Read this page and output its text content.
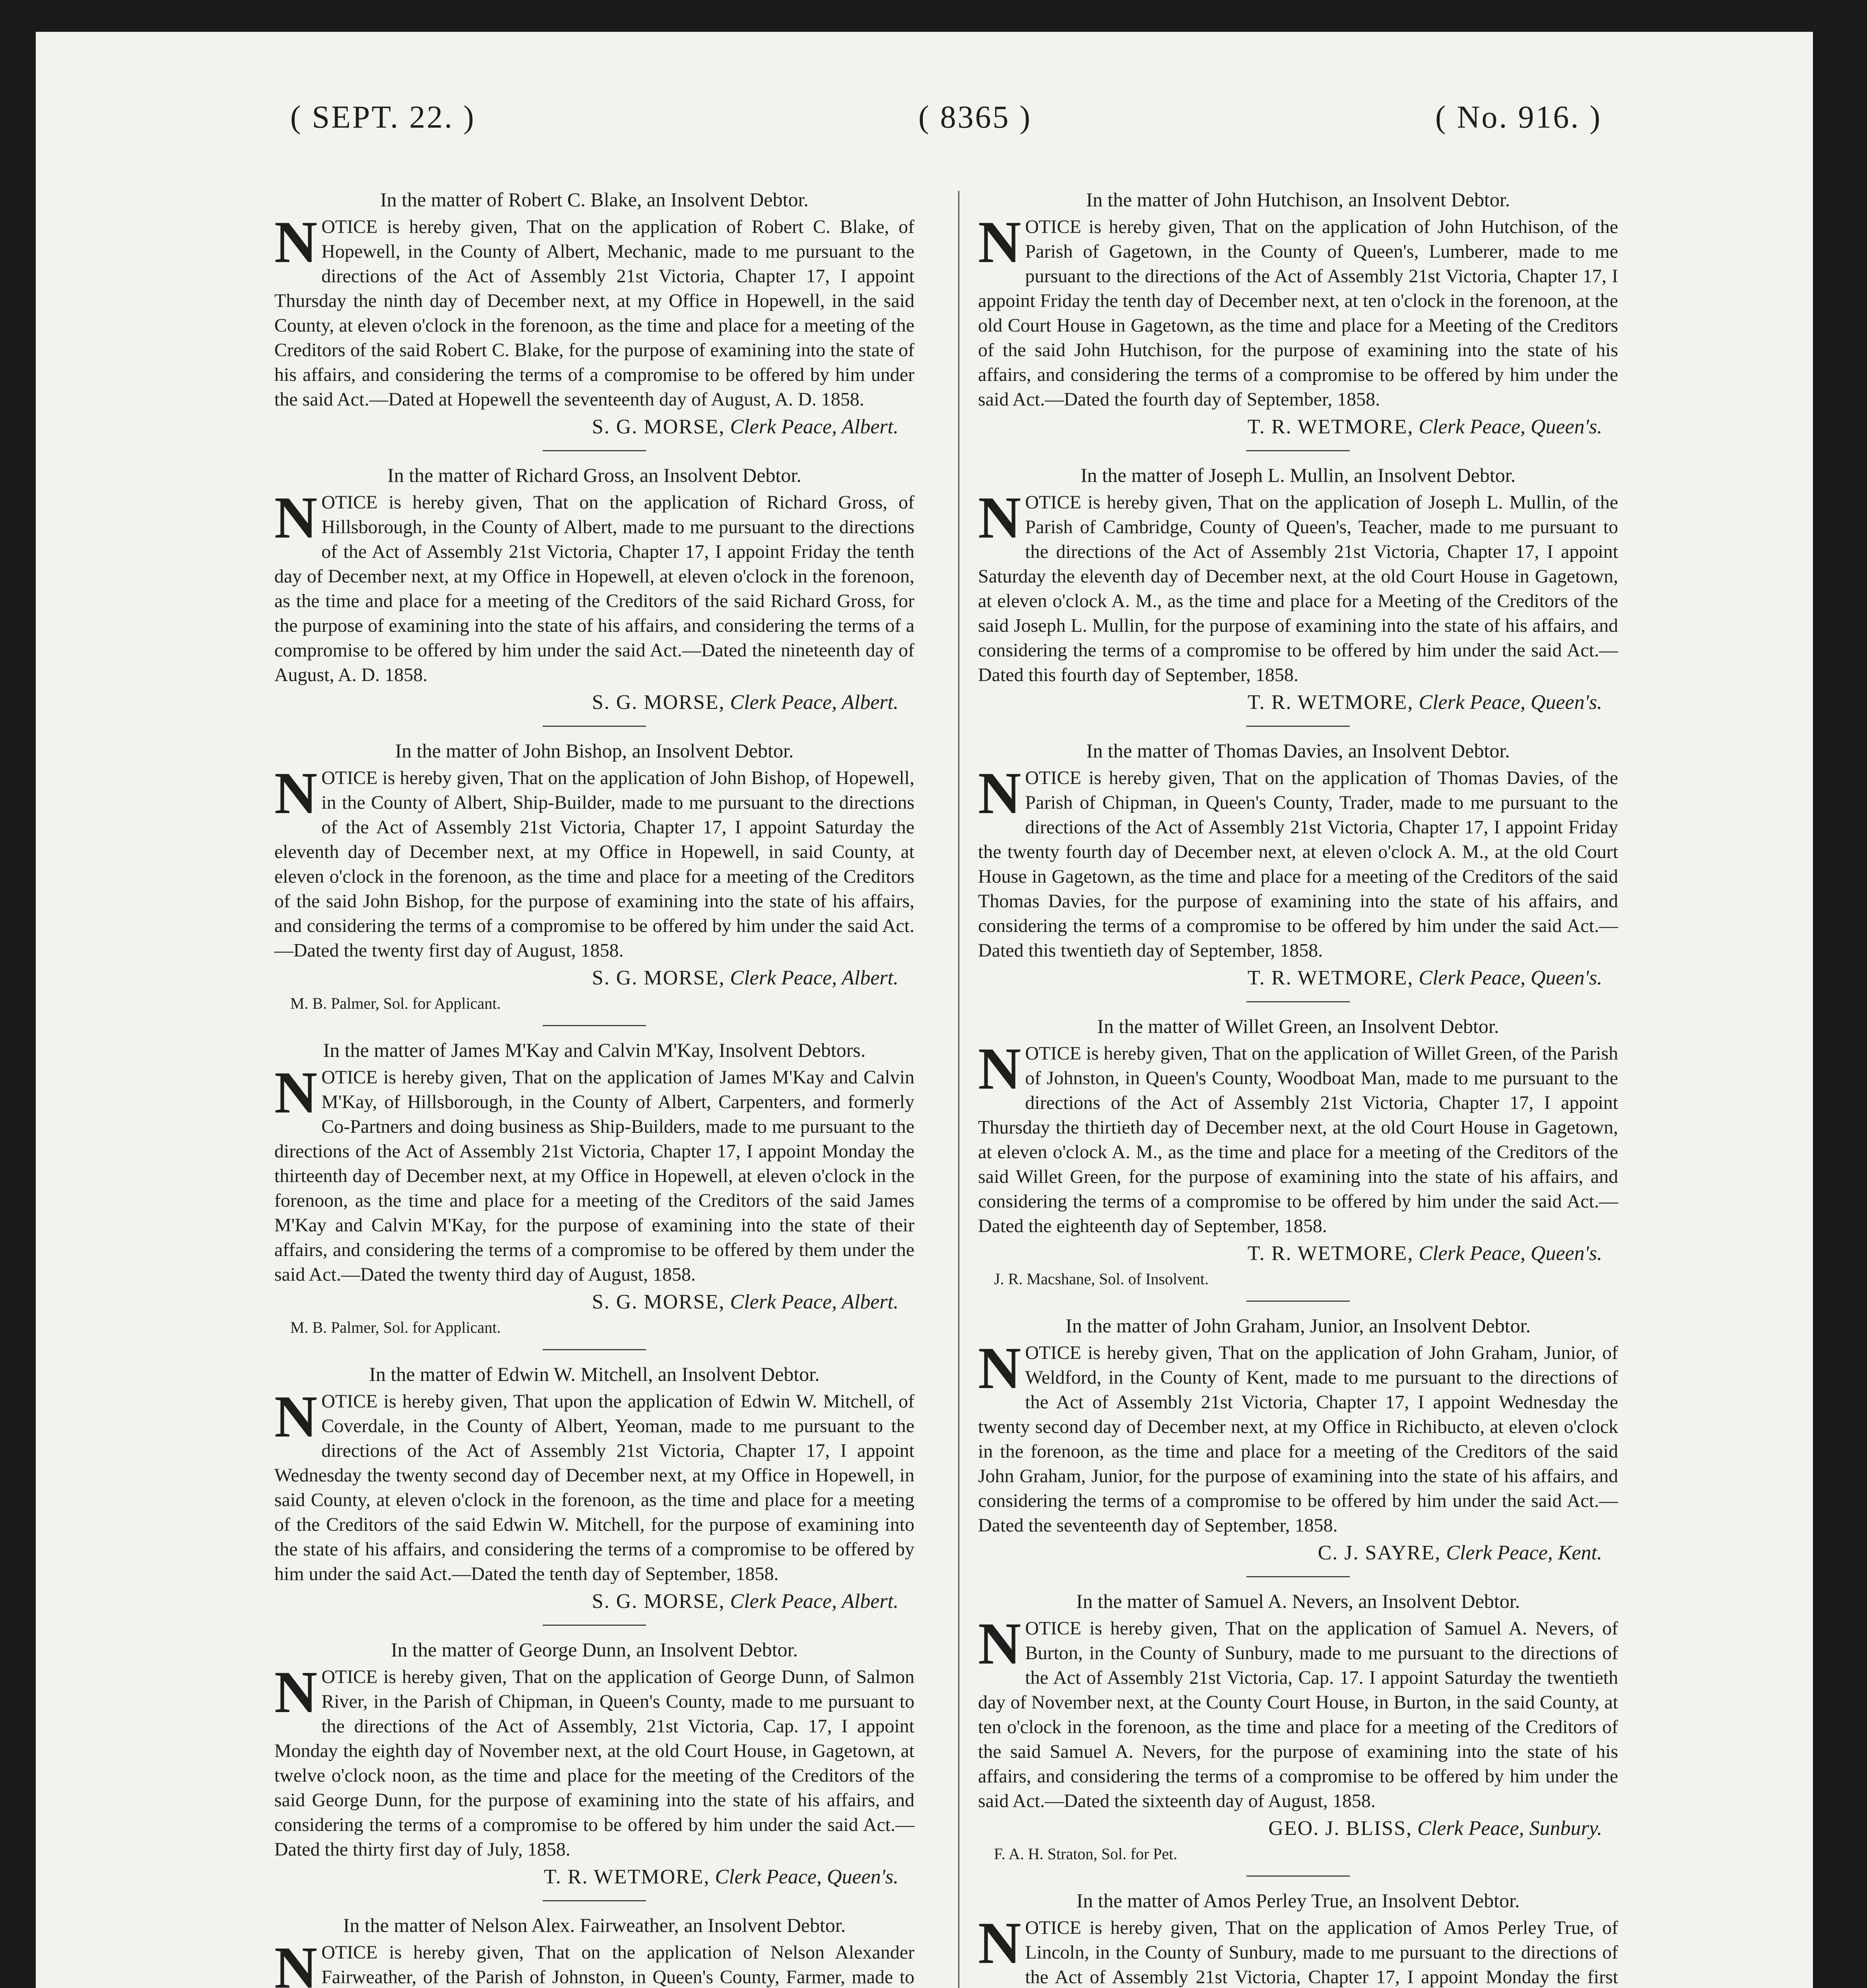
( SEPT. 22. )	( 8365 )	( No. 916. )
In the matter of Robert C. Blake, an Insolvent Debtor.

NOTICE is hereby given, That on the application of Robert C. Blake, of Hopewell, in the County of Albert, Mechanic, made to me pursuant to the directions of the Act of Assembly 21st Victoria, Chapter 17, I appoint Thursday the ninth day of December next, at my Office in Hopewell, in the said County, at eleven o'clock in the forenoon, as the time and place for a meeting of the Creditors of the said Robert C. Blake, for the purpose of examining into the state of his affairs, and considering the terms of a compromise to be offered by him under the said Act.—Dated at Hopewell the seventeenth day of August, A. D. 1858.

S. G. MORSE, Clerk Peace, Albert.
In the matter of Richard Gross, an Insolvent Debtor.

NOTICE is hereby given, That on the application of Richard Gross, of Hillsborough, in the County of Albert, made to me pursuant to the directions of the Act of Assembly 21st Victoria, Chapter 17, I appoint Friday the tenth day of December next, at my Office in Hopewell, at eleven o'clock in the forenoon, as the time and place for a meeting of the Creditors of the said Richard Gross, for the purpose of examining into the state of his affairs, and considering the terms of a compromise to be offered by him under the said Act.—Dated the nineteenth day of August, A. D. 1858.

S. G. MORSE, Clerk Peace, Albert.
In the matter of John Bishop, an Insolvent Debtor.

NOTICE is hereby given, That on the application of John Bishop, of Hopewell, in the County of Albert, Ship-Builder, made to me pursuant to the directions of the Act of Assembly 21st Victoria, Chapter 17, I appoint Saturday the eleventh day of December next, at my Office in Hopewell, in said County, at eleven o'clock in the forenoon, as the time and place for a meeting of the Creditors of the said John Bishop, for the purpose of examining into the state of his affairs, and considering the terms of a compromise to be offered by him under the said Act.—Dated the twenty first day of August, 1858.

S. G. MORSE, Clerk Peace, Albert.
M. B. Palmer, Sol. for Applicant.
In the matter of James M'Kay and Calvin M'Kay, Insolvent Debtors.

NOTICE is hereby given, That on the application of James M'Kay and Calvin M'Kay, of Hillsborough, in the County of Albert, Carpenters, and formerly Co-Partners and doing business as Ship-Builders, made to me pursuant to the directions of the Act of Assembly 21st Victoria, Chapter 17, I appoint Monday the thirteenth day of December next, at my Office in Hopewell, at eleven o'clock in the forenoon, as the time and place for a meeting of the Creditors of the said James M'Kay and Calvin M'Kay, for the purpose of examining into the state of their affairs, and considering the terms of a compromise to be offered by them under the said Act.—Dated the twenty third day of August, 1858.

S. G. MORSE, Clerk Peace, Albert.
M. B. Palmer, Sol. for Applicant.
In the matter of Edwin W. Mitchell, an Insolvent Debtor.

NOTICE is hereby given, That upon the application of Edwin W. Mitchell, of Coverdale, in the County of Albert, Yeoman, made to me pursuant to the directions of the Act of Assembly 21st Victoria, Chapter 17, I appoint Wednesday the twenty second day of December next, at my Office in Hopewell, in said County, at eleven o'clock in the forenoon, as the time and place for a meeting of the Creditors of the said Edwin W. Mitchell, for the purpose of examining into the state of his affairs, and considering the terms of a compromise to be offered by him under the said Act.—Dated the tenth day of September, 1858.

S. G. MORSE, Clerk Peace, Albert.
In the matter of George Dunn, an Insolvent Debtor.

NOTICE is hereby given, That on the application of George Dunn, of Salmon River, in the Parish of Chipman, in Queen's County, made to me pursuant to the directions of the Act of Assembly, 21st Victoria, Cap. 17, I appoint Monday the eighth day of November next, at the old Court House, in Gagetown, at twelve o'clock noon, as the time and place for the meeting of the Creditors of the said George Dunn, for the purpose of examining into the state of his affairs, and considering the terms of a compromise to be offered by him under the said Act.—Dated the thirty first day of July, 1858.

T. R. WETMORE, Clerk Peace, Queen's.
In the matter of Nelson Alex. Fairweather, an Insolvent Debtor.

NOTICE is hereby given, That on the application of Nelson Alexander Fairweather, of the Parish of Johnston, in Queen's County, Farmer, made to

In the matter of John Hutchison, an Insolvent Debtor.

NOTICE is hereby given, That on the application of John Hutchison, of the Parish of Gagetown, in the County of Queen's, Lumberer, made to me pursuant to the directions of the Act of Assembly 21st Victoria, Chapter 17, I appoint Friday the tenth day of December next, at ten o'clock in the forenoon, at the old Court House in Gagetown, as the time and place for a Meeting of the Creditors of the said John Hutchison, for the purpose of examining into the state of his affairs, and considering the terms of a compromise to be offered by him under the said Act.—Dated the fourth day of September, 1858.

T. R. WETMORE, Clerk Peace, Queen's.
In the matter of Joseph L. Mullin, an Insolvent Debtor.

NOTICE is hereby given, That on the application of Joseph L. Mullin, of the Parish of Cambridge, County of Queen's, Teacher, made to me pursuant to the directions of the Act of Assembly 21st Victoria, Chapter 17, I appoint Saturday the eleventh day of December next, at the old Court House in Gagetown, at eleven o'clock A. M., as the time and place for a Meeting of the Creditors of the said Joseph L. Mullin, for the purpose of examining into the state of his affairs, and considering the terms of a compromise to be offered by him under the said Act.—Dated this fourth day of September, 1858.

T. R. WETMORE, Clerk Peace, Queen's.
In the matter of Thomas Davies, an Insolvent Debtor.

NOTICE is hereby given, That on the application of Thomas Davies, of the Parish of Chipman, in Queen's County, Trader, made to me pursuant to the directions of the Act of Assembly 21st Victoria, Chapter 17, I appoint Friday the twenty fourth day of December next, at eleven o'clock A. M., at the old Court House in Gagetown, as the time and place for a meeting of the Creditors of the said Thomas Davies, for the purpose of examining into the state of his affairs, and considering the terms of a compromise to be offered by him under the said Act.—Dated this twentieth day of September, 1858.

T. R. WETMORE, Clerk Peace, Queen's.
In the matter of Willet Green, an Insolvent Debtor.

NOTICE is hereby given, That on the application of Willet Green, of the Parish of Johnston, in Queen's County, Woodboat Man, made to me pursuant to the directions of the Act of Assembly 21st Victoria, Chapter 17, I appoint Thursday the thirtieth day of December next, at the old Court House in Gagetown, at eleven o'clock A. M., as the time and place for a meeting of the Creditors of the said Willet Green, for the purpose of examining into the state of his affairs, and considering the terms of a compromise to be offered by him under the said Act.—Dated the eighteenth day of September, 1858.

T. R. WETMORE, Clerk Peace, Queen's.
J. R. Macshane, Sol. of Insolvent.
In the matter of John Graham, Junior, an Insolvent Debtor.

NOTICE is hereby given, That on the application of John Graham, Junior, of Weldford, in the County of Kent, made to me pursuant to the directions of the Act of Assembly 21st Victoria, Chapter 17, I appoint Wednesday the twenty second day of December next, at my Office in Richibucto, at eleven o'clock in the forenoon, as the time and place for a meeting of the Creditors of the said John Graham, Junior, for the purpose of examining into the state of his affairs, and considering the terms of a compromise to be offered by him under the said Act.—Dated the seventeenth day of September, 1858.

C. J. SAYRE, Clerk Peace, Kent.
In the matter of Samuel A. Nevers, an Insolvent Debtor.

NOTICE is hereby given, That on the application of Samuel A. Nevers, of Burton, in the County of Sunbury, made to me pursuant to the directions of the Act of Assembly 21st Victoria, Cap. 17. I appoint Saturday the twentieth day of November next, at the County Court House, in Burton, in the said County, at ten o'clock in the forenoon, as the time and place for a meeting of the Creditors of the said Samuel A. Nevers, for the purpose of examining into the state of his affairs, and considering the terms of a compromise to be offered by him under the said Act.—Dated the sixteenth day of August, 1858.

GEO. J. BLISS, Clerk Peace, Sunbury.
F. A. H. Straton, Sol. for Pet.
In the matter of Amos Perley True, an Insolvent Debtor.

NOTICE is hereby given, That on the application of Amos Perley True, of Lincoln, in the County of Sunbury, made to me pursuant to the directions of the Act of Assembly 21st Victoria, Chapter 17, I appoint Monday the first
